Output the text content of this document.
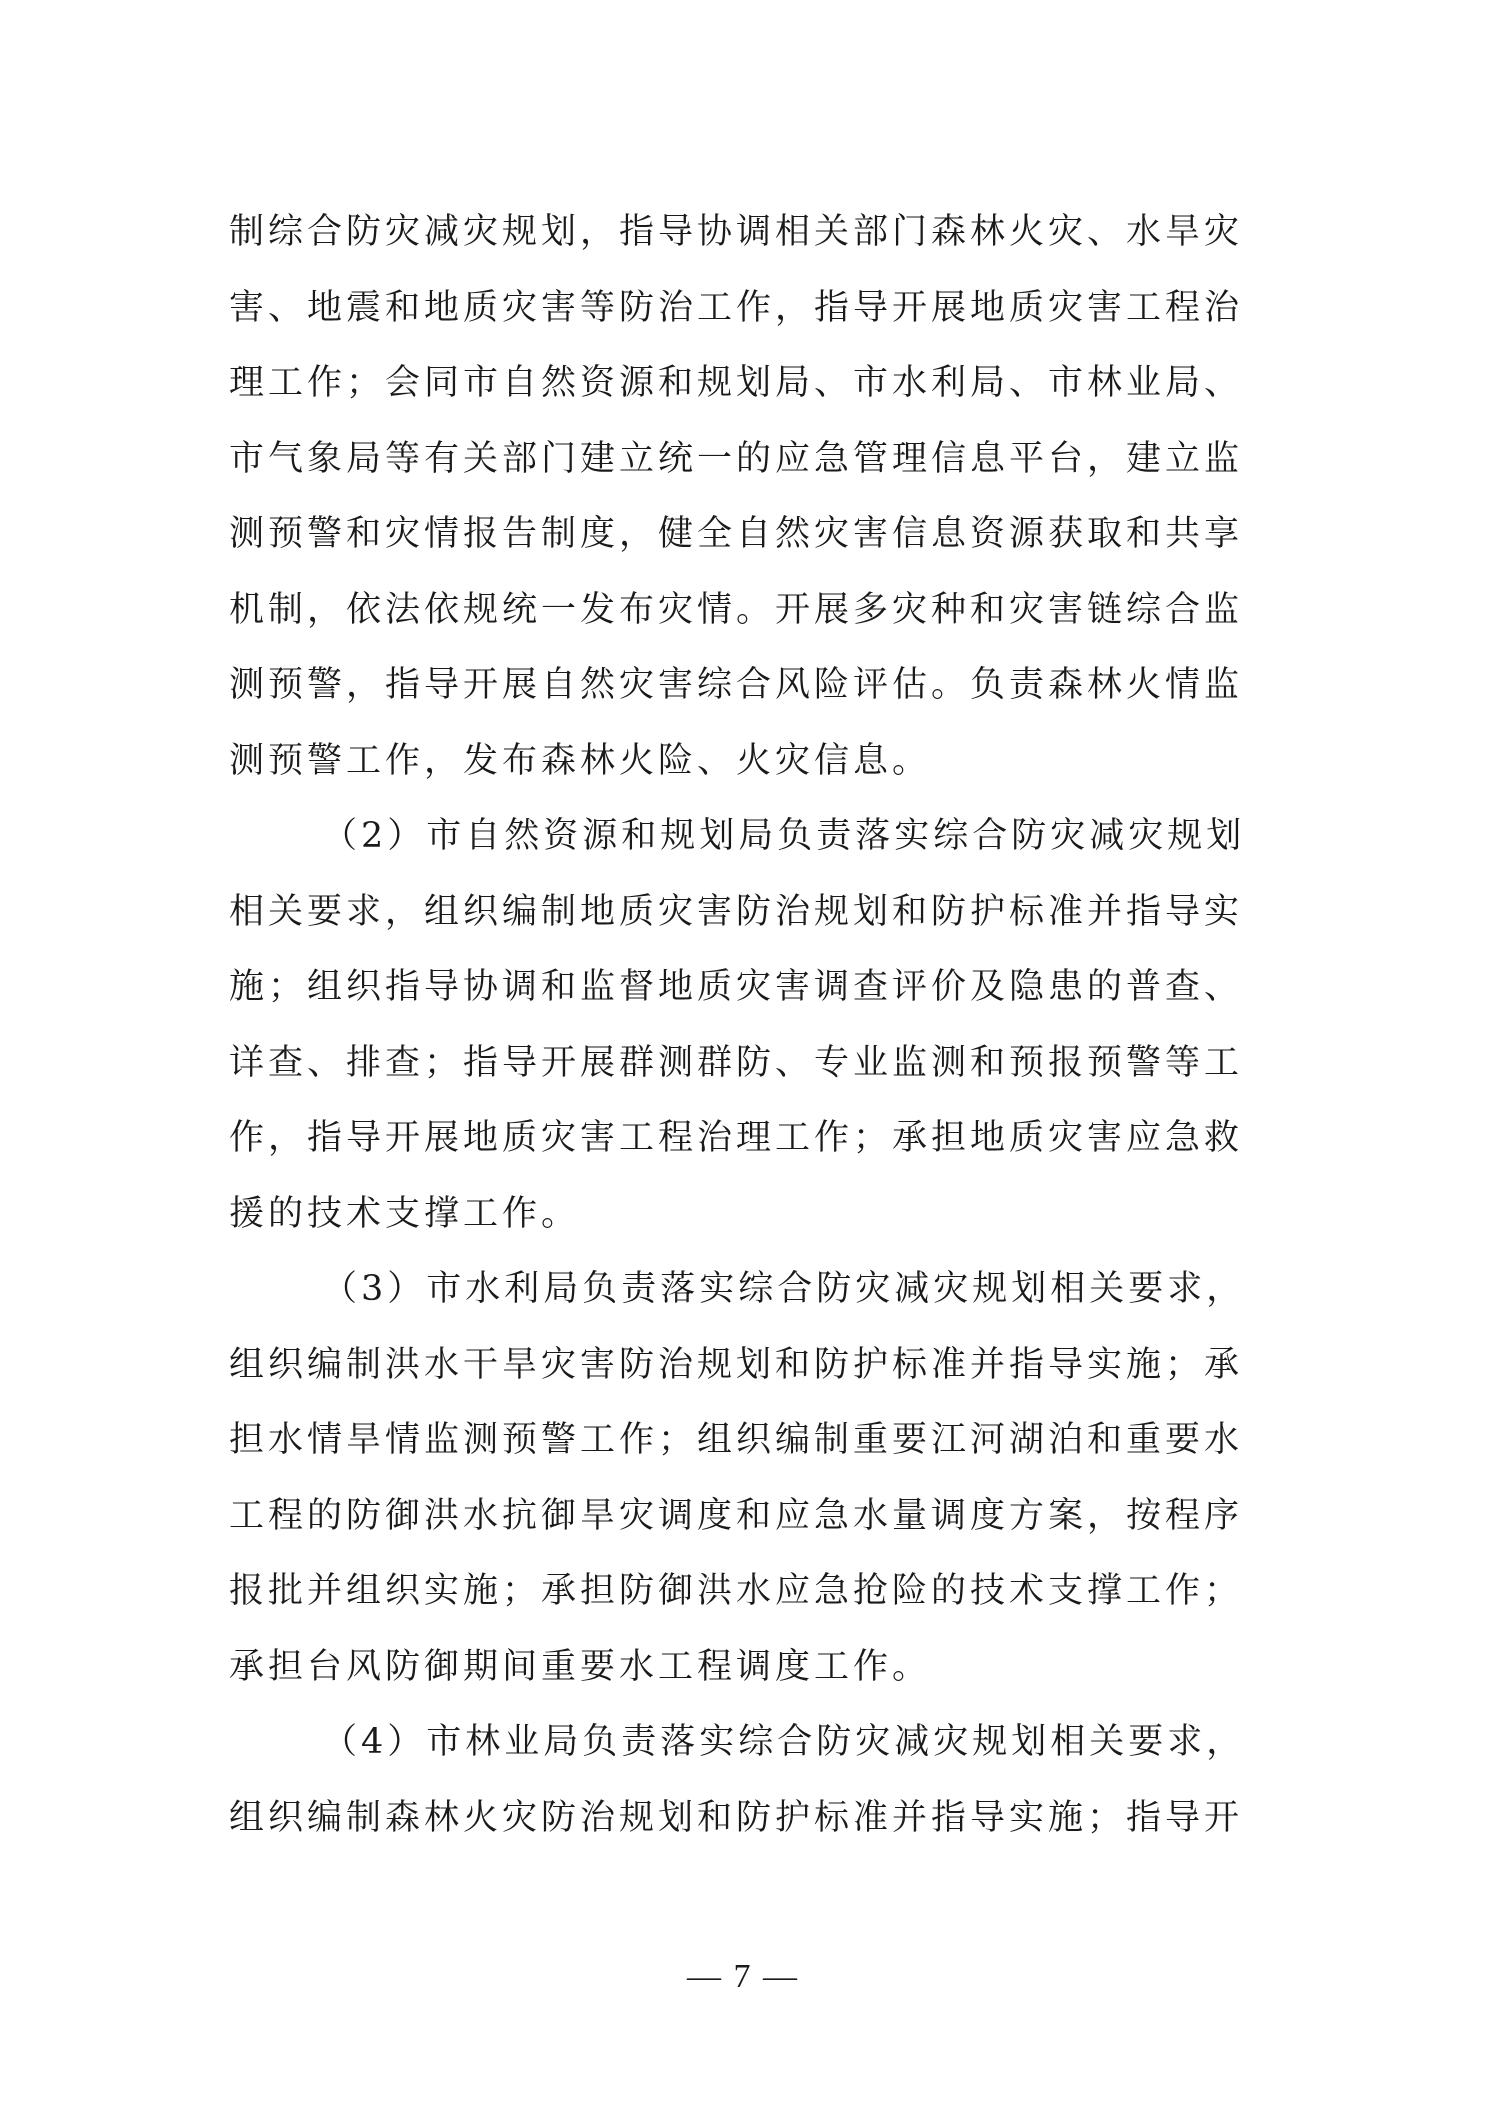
制综合防灾减灾规划，指导协调相关部门森林火灾、水旱灾
害、地震和地质灾害等防治工作，指导开展地质灾害工程治
理工作；会同市自然资源和规划局、市水利局、市林业局、
市气象局等有关部门建立统一的应急管理信息平台，建立监
测预警和灾情报告制度，健全自然灾害信息资源获取和共享
机制，依法依规统一发布灾情。开展多灾种和灾害链综合监
测预警，指导开展自然灾害综合风险评估。负责森林火情监
测预警工作，发布森林火险、火灾信息。
（2）市自然资源和规划局负责落实综合防灾减灾规划
相关要求，组织编制地质灾害防治规划和防护标准并指导实
施；组织指导协调和监督地质灾害调查评价及隐患的普查、
详查、排查；指导开展群测群防、专业监测和预报预警等工
作，指导开展地质灾害工程治理工作；承担地质灾害应急救
援的技术支撑工作。
（3）市水利局负责落实综合防灾减灾规划相关要求，
组织编制洪水干旱灾害防治规划和防护标准并指导实施；承
担水情旱情监测预警工作；组织编制重要江河湖泊和重要水
工程的防御洪水抗御旱灾调度和应急水量调度方案，按程序
报批并组织实施；承担防御洪水应急抢险的技术支撑工作；
承担台风防御期间重要水工程调度工作。
（4）市林业局负责落实综合防灾减灾规划相关要求，
组织编制森林火灾防治规划和防护标准并指导实施；指导开
— 7 —
